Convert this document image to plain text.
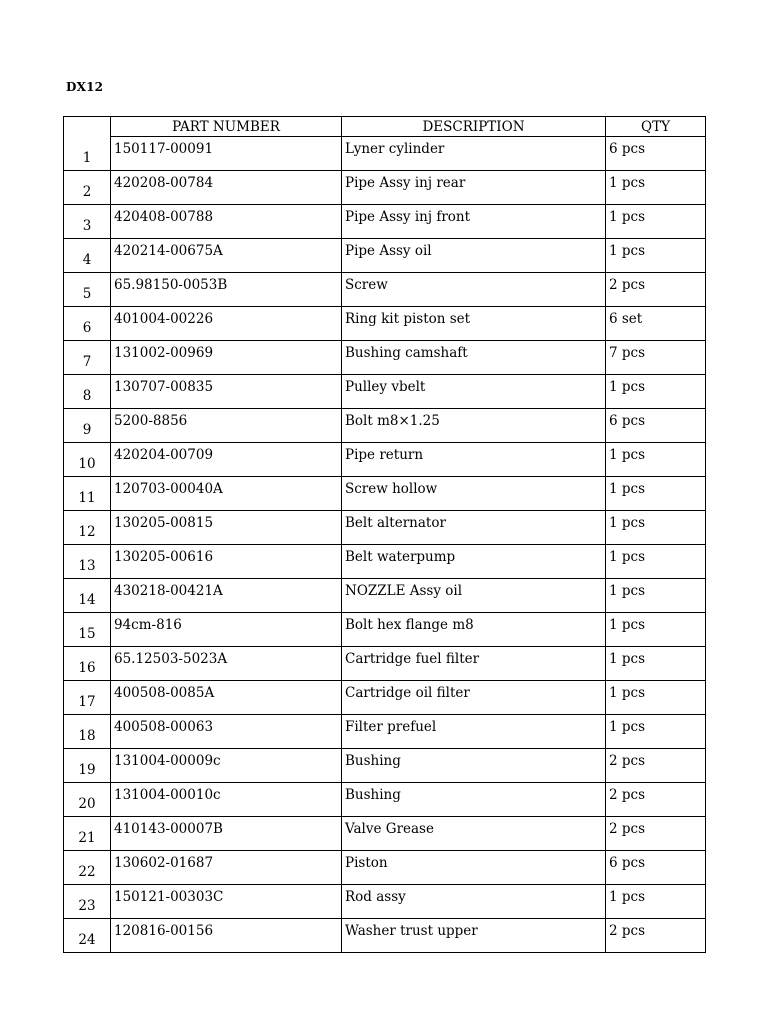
DX12
	PART NUMBER	DESCRIPTION	QTY
1	150117-00091	Lyner cylinder	6 pcs
2	420208-00784	Pipe Assy inj rear	1 pcs
3	420408-00788	Pipe Assy inj front	1 pcs
4	420214-00675A	Pipe Assy oil	1 pcs
5	65.98150-0053B	Screw	2 pcs
6	401004-00226	Ring kit piston set	6 set
7	131002-00969	Bushing camshaft	7 pcs
8	130707-00835	Pulley vbelt	1 pcs
9	5200-8856	Bolt m8×1.25	6 pcs
10	420204-00709	Pipe return	1 pcs
11	120703-00040A	Screw hollow	1 pcs
12	130205-00815	Belt alternator	1 pcs
13	130205-00616	Belt waterpump	1 pcs
14	430218-00421A	NOZZLE Assy oil	1 pcs
15	94cm-816	Bolt hex flange m8	1 pcs
16	65.12503-5023A	Cartridge fuel filter	1 pcs
17	400508-0085A	Cartridge oil filter	1 pcs
18	400508-00063	Filter prefuel	1 pcs
19	131004-00009c	Bushing	2 pcs
20	131004-00010c	Bushing	2 pcs
21	410143-00007B	Valve Grease	2 pcs
22	130602-01687	Piston	6 pcs
23	150121-00303C	Rod assy	1 pcs
24	120816-00156	Washer trust upper	2 pcs
